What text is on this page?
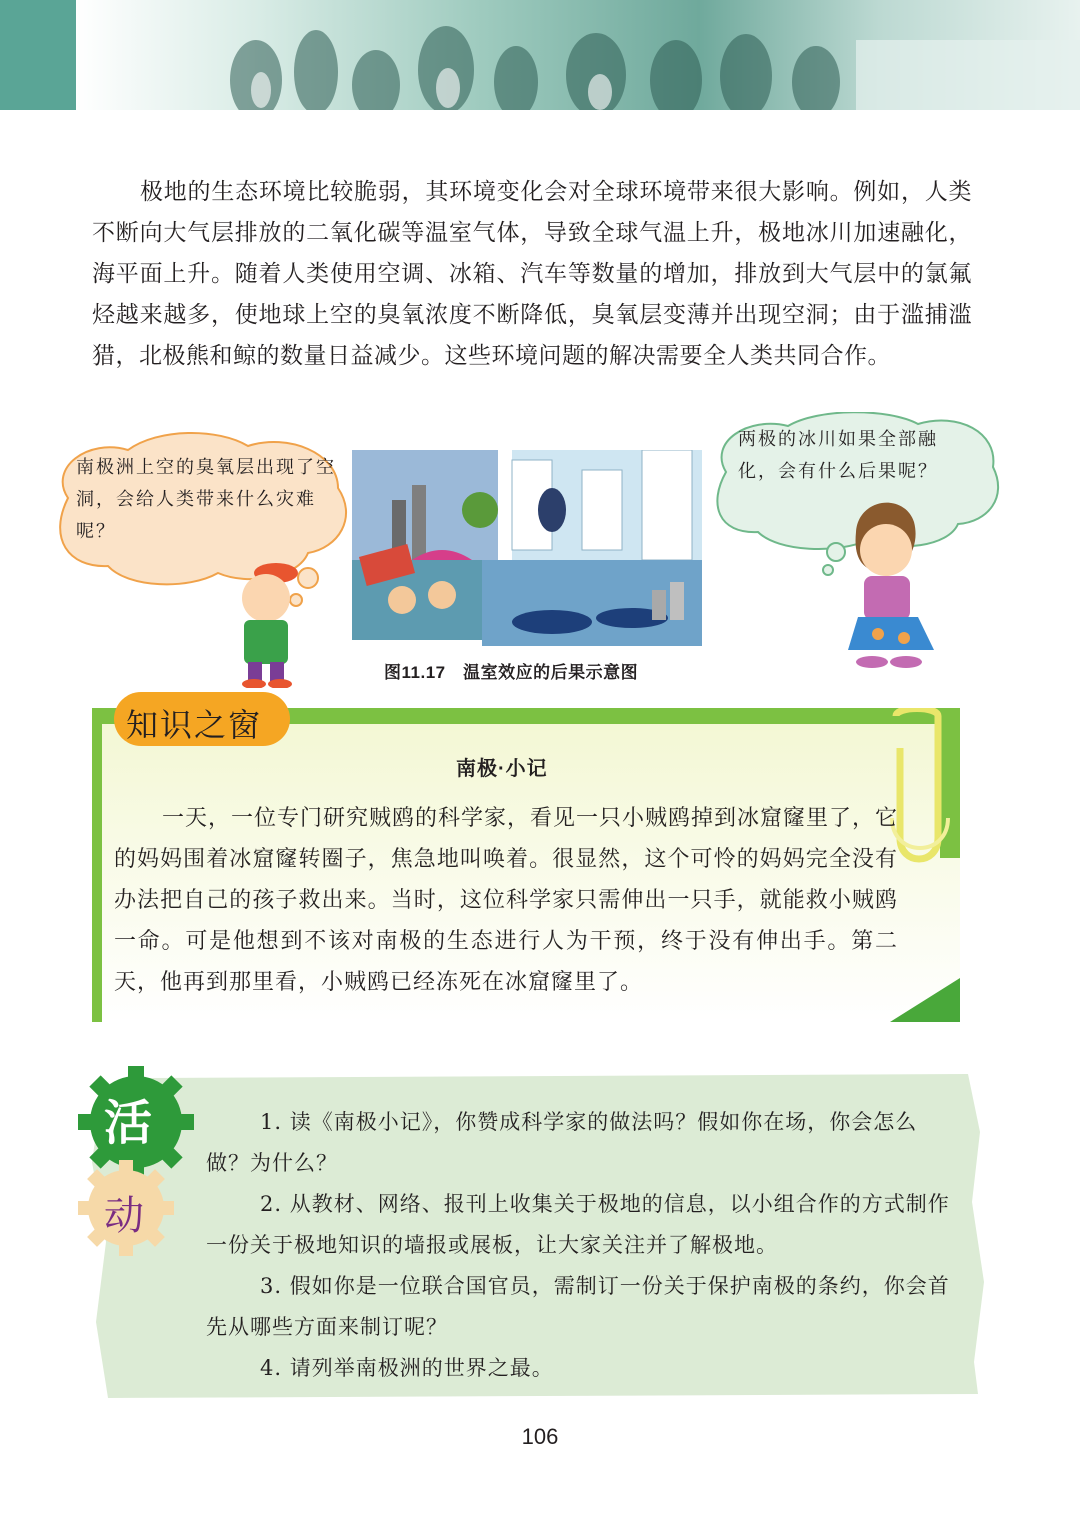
极地的生态环境比较脆弱，其环境变化会对全球环境带来很大影响。例如，人类不断向大气层排放的二氧化碳等温室气体，导致全球气温上升，极地冰川加速融化，海平面上升。随着人类使用空调、冰箱、汽车等数量的增加，排放到大气层中的氯氟烃越来越多，使地球上空的臭氧浓度不断降低，臭氧层变薄并出现空洞；由于滥捕滥猎，北极熊和鲸的数量日益减少。这些环境问题的解决需要全人类共同合作。

南极洲上空的臭氧层出现了空洞，会给人类带来什么灾难呢？

图11.17　温室效应的后果示意图

两极的冰川如果全部融化，会有什么后果呢？

知识之窗

南极·小记

一天，一位专门研究贼鸥的科学家，看见一只小贼鸥掉到冰窟窿里了，它的妈妈围着冰窟窿转圈子，焦急地叫唤着。很显然，这个可怜的妈妈完全没有办法把自己的孩子救出来。当时，这位科学家只需伸出一只手，就能救小贼鸥一命。可是他想到不该对南极的生态进行人为干预，终于没有伸出手。第二天，他再到那里看，小贼鸥已经冻死在冰窟窿里了。

活

动

1. 读《南极小记》，你赞成科学家的做法吗？假如你在场，你会怎么做？为什么？

2. 从教材、网络、报刊上收集关于极地的信息，以小组合作的方式制作一份关于极地知识的墙报或展板，让大家关注并了解极地。

3. 假如你是一位联合国官员，需制订一份关于保护南极的条约，你会首先从哪些方面来制订呢？

4. 请列举南极洲的世界之最。

106
